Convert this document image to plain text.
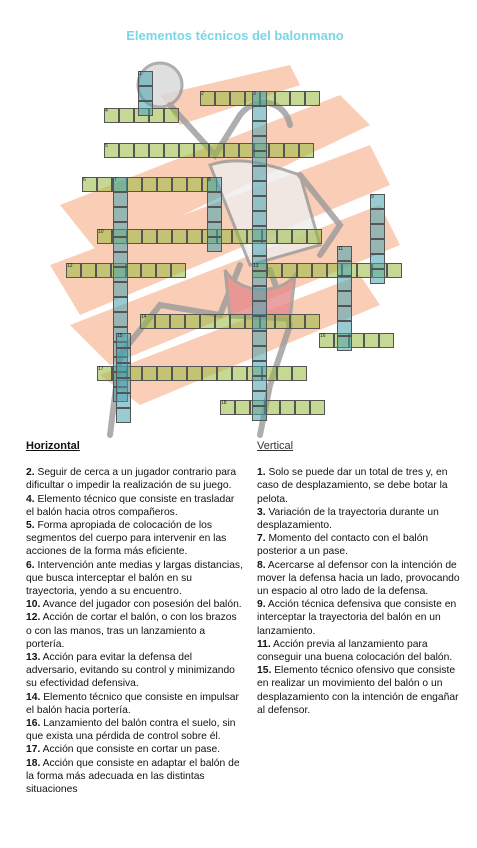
Elementos técnicos del balonmano
2
4
5
6
10
12	13
14
16
17
18
1
3
7	8
9
11
15
Horizontal

2. Seguir de cerca a un jugador contrario para dificultar o impedir la realización de su juego.

4. Elemento técnico que consiste en trasladar el balón hacia otros compañeros.

5. Forma apropiada de colocación de los segmentos del cuerpo para intervenir en las acciones de la forma más eficiente.

6. Intervención ante medias y largas distancias, que busca interceptar el balón en su trayectoria, yendo a su encuentro.

10. Avance del jugador con posesión del balón.

12. Acción de cortar el balón, o con los brazos o con las manos, tras un lanzamiento a portería.

13. Acción para evitar la defensa del adversario, evitando su control y minimizando su efectividad defensiva.

14. Elemento técnico que consiste en impulsar el balón hacia portería.

16. Lanzamiento del balón contra el suelo, sin que exista una pérdida de control sobre él.

17. Acción que consiste en cortar un pase.

18. Acción que consiste en adaptar el balón de la forma más adecuada en las distintas situaciones

Vertical

1. Solo se puede dar un total de tres y, en caso de desplazamiento, se debe botar la pelota.

3. Variación de la trayectoria durante un desplazamiento.

7. Momento del contacto con el balón posterior a un pase.

8. Acercarse al defensor con la intención de mover la defensa hacia un lado, provocando un espacio al otro lado de la defensa.

9. Acción técnica defensiva que consiste en interceptar la trayectoria del balón en un lanzamiento.

11. Acción previa al lanzamiento para conseguir una buena colocación del balón.

15. Elemento técnico ofensivo que consiste en realizar un movimiento del balón o un desplazamiento con la intención de engañar al defensor.
